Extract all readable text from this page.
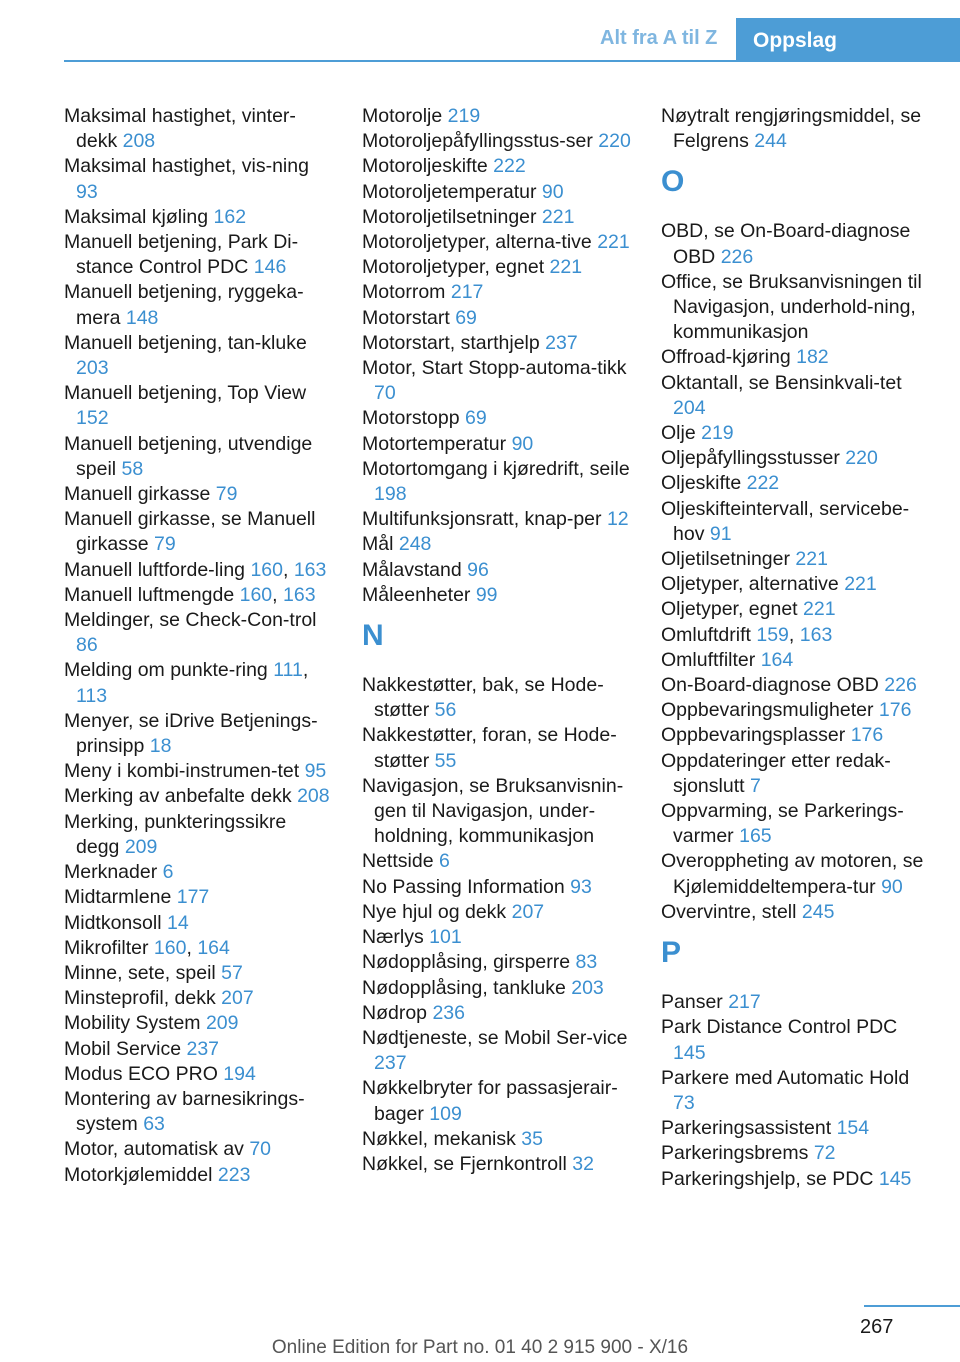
Alt fra A til Z	Oppslag
Maksimal hastighet, vinter-dekk 208
Maksimal hastighet, vis-ning 93
Maksimal kjøling 162
Manuell betjening, Park Di-stance Control PDC 146
Manuell betjening, ryggeka-mera 148
Manuell betjening, tan-kluke 203
Manuell betjening, Top View 152
Manuell betjening, utvendige speil 58
Manuell girkasse 79
Manuell girkasse, se Manuell girkasse 79
Manuell luftforde-ling 160, 163
Manuell luftmengde 160, 163
Meldinger, se Check-Con-trol 86
Melding om punkte-ring 111, 113
Menyer, se iDrive Betjenings-prinsipp 18
Meny i kombi-instrumen-tet 95
Merking av anbefalte dekk 208
Merking, punkteringssikre degg 209
Merknader 6
Midtarmlene 177
Midtkonsoll 14
Mikrofilter 160, 164
Minne, sete, speil 57
Minsteprofil, dekk 207
Mobility System 209
Mobil Service 237
Modus ECO PRO 194
Montering av barnesikrings-system 63
Motor, automatisk av 70
Motorkjølemiddel 223
Motorolje 219
Motoroljepåfyllingsstus-ser 220
Motoroljeskifte 222
Motoroljetemperatur 90
Motoroljetilsetninger 221
Motoroljetyper, alterna-tive 221
Motoroljetyper, egnet 221
Motorrom 217
Motorstart 69
Motorstart, starthjelp 237
Motor, Start Stopp-automa-tikk 70
Motorstopp 69
Motortemperatur 90
Motortomgang i kjøredrift, seile 198
Multifunksjonsratt, knap-per 12
Mål 248
Målavstand 96
Måleenheter 99
N
Nakkestøtter, bak, se Hode-støtter 56
Nakkestøtter, foran, se Hode-støtter 55
Navigasjon, se Bruksanvisnin-gen til Navigasjon, under-holdning, kommunikasjon
Nettside 6
No Passing Information 93
Nye hjul og dekk 207
Nærlys 101
Nødopplåsing, girsperre 83
Nødopplåsing, tankluke 203
Nødrop 236
Nødtjeneste, se Mobil Ser-vice 237
Nøkkelbryter for passasjerair-bager 109
Nøkkel, mekanisk 35
Nøkkel, se Fjernkontroll 32
Nøytralt rengjøringsmiddel, se Felgrens 244
O
OBD, se On-Board-diagnose OBD 226
Office, se Bruksanvisningen til Navigasjon, underhold-ning, kommunikasjon
Offroad-kjøring 182
Oktantall, se Bensinkvali-tet 204
Olje 219
Oljepåfyllingsstusser 220
Oljeskifte 222
Oljeskifteintervall, servicebe-hov 91
Oljetilsetninger 221
Oljetyper, alternative 221
Oljetyper, egnet 221
Omluftdrift 159, 163
Omluftfilter 164
On-Board-diagnose OBD 226
Oppbevaringsmuligheter 176
Oppbevaringsplasser 176
Oppdateringer etter redak-sjonslutt 7
Oppvarming, se Parkerings-varmer 165
Overoppheting av motoren, se Kjølemiddeltempera-tur 90
Overvintre, stell 245
P
Panser 217
Park Distance Control PDC 145
Parkere med Automatic Hold 73
Parkeringsassistent 154
Parkeringsbrems 72
Parkeringshjelp, se PDC 145
267
Online Edition for Part no. 01 40 2 915 900 - X/16
